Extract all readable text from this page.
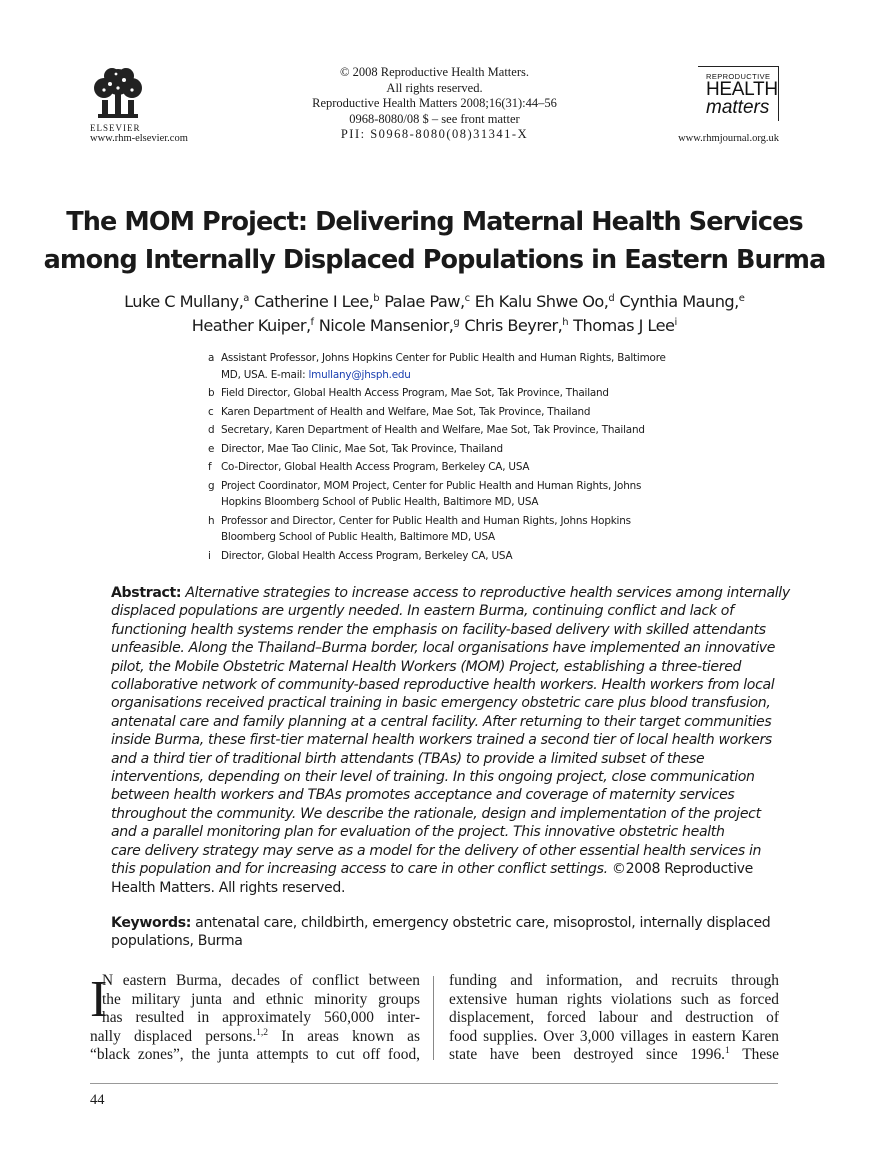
ELSEVIER
www.rhm-elsevier.com
© 2008 Reproductive Health Matters.
All rights reserved.
Reproductive Health Matters 2008;16(31):44–56
0968-8080/08 $ – see front matter
PII: S0968-8080(08)31341-X
REPRODUCTIVE
HEALTH
matters
www.rhmjournal.org.uk
The MOM Project: Delivering Maternal Health Services
among Internally Displaced Populations in Eastern Burma
Luke C Mullany,$^a$ Catherine I Lee,$^b$ Palae Paw,$^c$ Eh Kalu Shwe Oo,$^d$ Cynthia Maung,$^e$
Heather Kuiper,$^f$ Nicole Mansenior,$^g$ Chris Beyrer,$^h$ Thomas J Lee$^i$
a Assistant Professor, Johns Hopkins Center for Public Health and Human Rights, Baltimore
MD, USA. E-mail: lmullany@jhsph.edu
b Field Director, Global Health Access Program, Mae Sot, Tak Province, Thailand
c Karen Department of Health and Welfare, Mae Sot, Tak Province, Thailand
d Secretary, Karen Department of Health and Welfare, Mae Sot, Tak Province, Thailand
e Director, Mae Tao Clinic, Mae Sot, Tak Province, Thailand
f Co-Director, Global Health Access Program, Berkeley CA, USA
g Project Coordinator, MOM Project, Center for Public Health and Human Rights, Johns
Hopkins Bloomberg School of Public Health, Baltimore MD, USA
h Professor and Director, Center for Public Health and Human Rights, Johns Hopkins
Bloomberg School of Public Health, Baltimore MD, USA
i Director, Global Health Access Program, Berkeley CA, USA
Abstract: Alternative strategies to increase access to reproductive health services among internally
displaced populations are urgently needed. In eastern Burma, continuing conflict and lack of
functioning health systems render the emphasis on facility-based delivery with skilled attendants
unfeasible. Along the Thailand–Burma border, local organisations have implemented an innovative
pilot, the Mobile Obstetric Maternal Health Workers (MOM) Project, establishing a three-tiered
collaborative network of community-based reproductive health workers. Health workers from local
organisations received practical training in basic emergency obstetric care plus blood transfusion,
antenatal care and family planning at a central facility. After returning to their target communities
inside Burma, these first-tier maternal health workers trained a second tier of local health workers
and a third tier of traditional birth attendants (TBAs) to provide a limited subset of these
interventions, depending on their level of training. In this ongoing project, close communication
between health workers and TBAs promotes acceptance and coverage of maternity services
throughout the community. We describe the rationale, design and implementation of the project
and a parallel monitoring plan for evaluation of the project. This innovative obstetric health
care delivery strategy may serve as a model for the delivery of other essential health services in
this population and for increasing access to care in other conflict settings. ©2008 Reproductive
Health Matters. All rights reserved.
Keywords: antenatal care, childbirth, emergency obstetric care, misoprostol, internally displaced
populations, Burma
I
N eastern Burma, decades of conflict between
the military junta and ethnic minority groups
has resulted in approximately 560,000 inter-
nally displaced persons.$^{1,2}$ In areas known as
“black zones”, the junta attempts to cut off food,
funding and information, and recruits through
extensive human rights violations such as forced
displacement, forced labour and destruction of
food supplies. Over 3,000 villages in eastern Karen
state have been destroyed since 1996.$^1$ These
44
